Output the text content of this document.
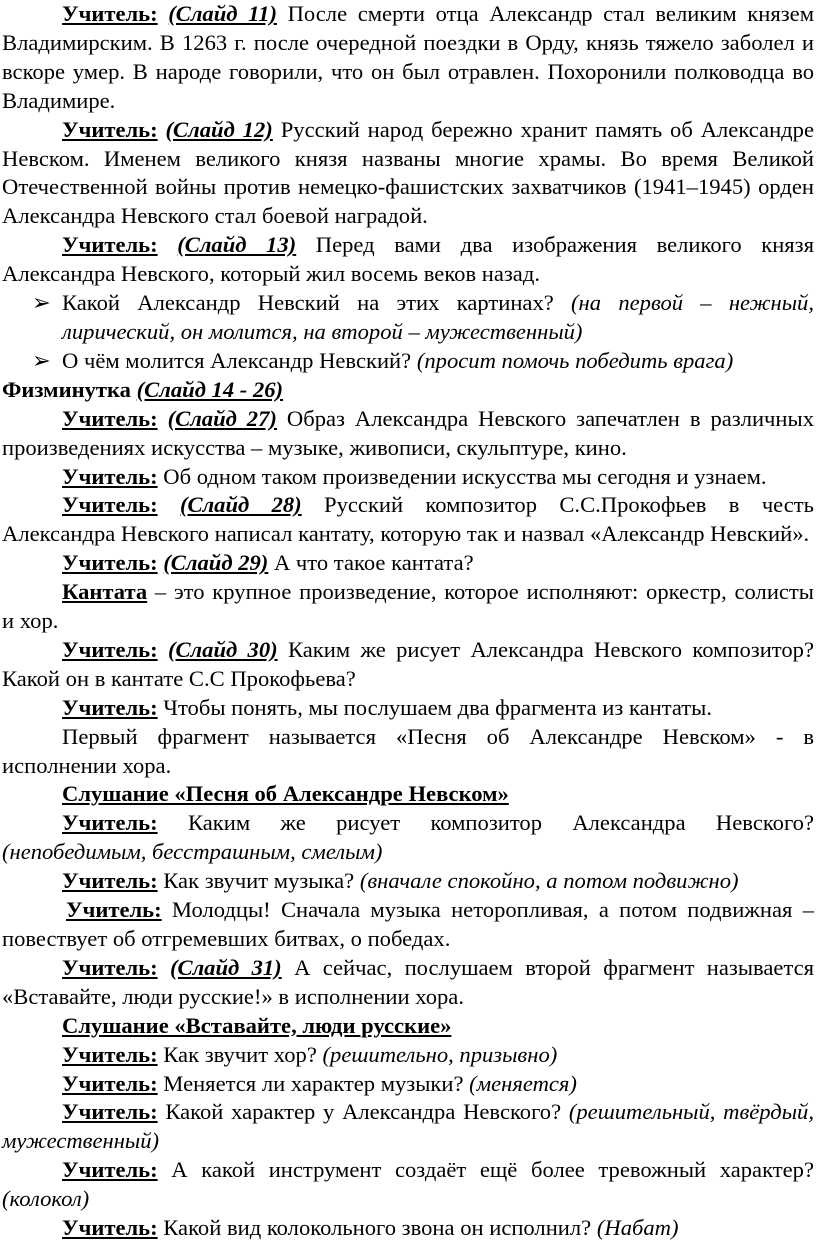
Учитель: (Слайд 11) После смерти отца Александр стал великим князем Владимирским. В 1263 г. после очередной поездки в Орду, князь тяжело заболел и вскоре умер. В народе говорили, что он был отравлен. Похоронили полководца во Владимире.

Учитель: (Слайд 12) Русский народ бережно хранит память об Александре Невском. Именем великого князя названы многие храмы. Во время Великой Отечественной войны против немецко-фашистских захватчиков (1941–1945) орден Александра Невского стал боевой наградой.

Учитель: (Слайд 13) Перед вами два изображения великого князя Александра Невского, который жил восемь веков назад.

➢ Какой Александр Невский на этих картинах? (на первой – нежный, лирический, он молится, на второй – мужественный)

➢ О чём молится Александр Невский? (просит помочь победить врага)

Физминутка (Слайд 14 - 26)

Учитель: (Слайд 27) Образ Александра Невского запечатлен в различных произведениях искусства – музыке, живописи, скульптуре, кино.

Учитель: Об одном таком произведении искусства мы сегодня и узнаем.

Учитель: (Слайд 28) Русский композитор С.С.Прокофьев в честь Александра Невского написал кантату, которую так и назвал «Александр Невский».

Учитель: (Слайд 29) А что такое кантата?

Кантата – это крупное произведение, которое исполняют: оркестр, солисты и хор.

Учитель: (Слайд 30) Каким же рисует Александра Невского композитор? Какой он в кантате С.С Прокофьева?

Учитель: Чтобы понять, мы послушаем два фрагмента из кантаты.

Первый фрагмент называется «Песня об Александре Невском» - в исполнении хора.

Слушание «Песня об Александре Невском»

Учитель: Каким же рисует композитор Александра Невского? (непобедимым, бесстрашным, смелым)

Учитель: Как звучит музыка? (вначале спокойно, а потом подвижно)

Учитель: Молодцы! Сначала музыка неторопливая, а потом подвижная – повествует об отгремевших битвах, о победах.

Учитель: (Слайд 31) А сейчас, послушаем второй фрагмент называется «Вставайте, люди русские!» в исполнении хора.

Слушание «Вставайте, люди русские»

Учитель: Как звучит хор? (решительно, призывно)

Учитель: Меняется ли характер музыки? (меняется)

Учитель: Какой характер у Александра Невского? (решительный, твёрдый, мужественный)

Учитель: А какой инструмент создаёт ещё более тревожный характер? (колокол)

Учитель: Какой вид колокольного звона он исполнил? (Набат)
